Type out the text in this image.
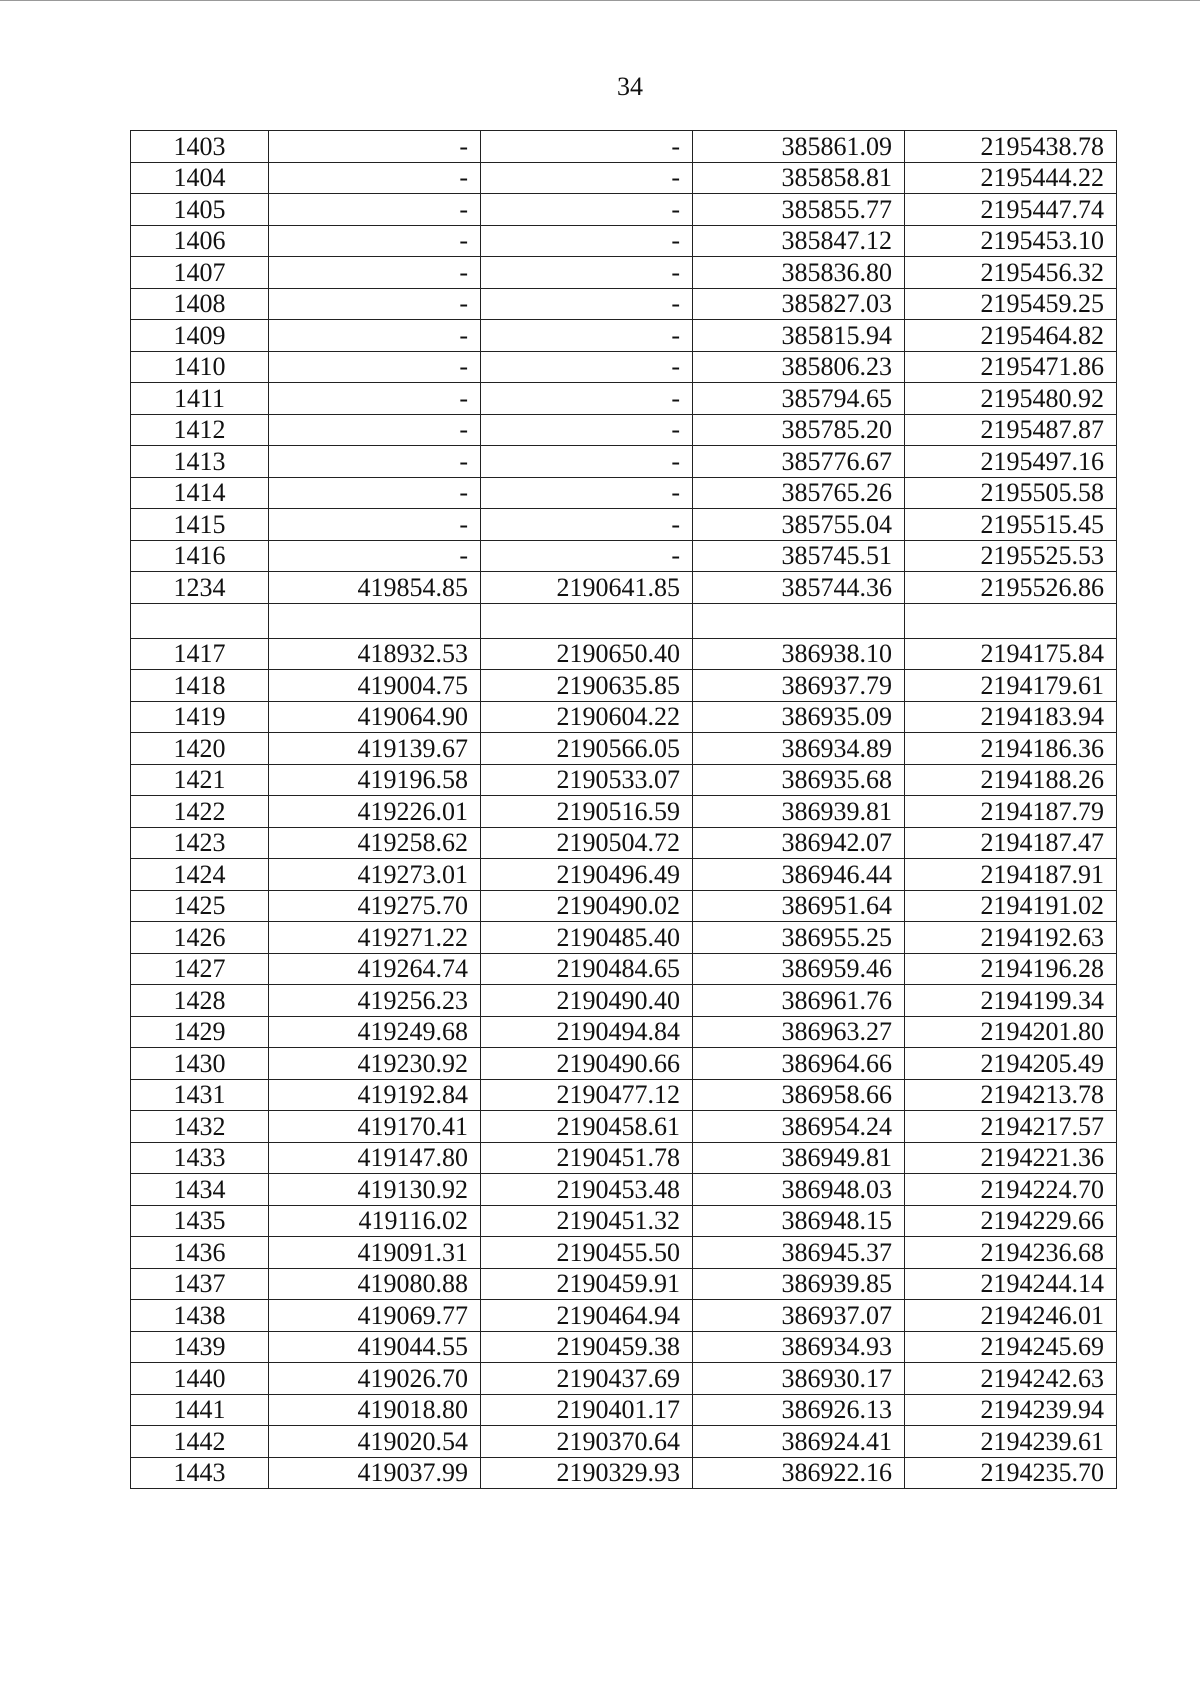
34
1403	-	-	385861.09	2195438.78
1404	-	-	385858.81	2195444.22
1405	-	-	385855.77	2195447.74
1406	-	-	385847.12	2195453.10
1407	-	-	385836.80	2195456.32
1408	-	-	385827.03	2195459.25
1409	-	-	385815.94	2195464.82
1410	-	-	385806.23	2195471.86
1411	-	-	385794.65	2195480.92
1412	-	-	385785.20	2195487.87
1413	-	-	385776.67	2195497.16
1414	-	-	385765.26	2195505.58
1415	-	-	385755.04	2195515.45
1416	-	-	385745.51	2195525.53
1234	419854.85	2190641.85	385744.36	2195526.86

1417	418932.53	2190650.40	386938.10	2194175.84
1418	419004.75	2190635.85	386937.79	2194179.61
1419	419064.90	2190604.22	386935.09	2194183.94
1420	419139.67	2190566.05	386934.89	2194186.36
1421	419196.58	2190533.07	386935.68	2194188.26
1422	419226.01	2190516.59	386939.81	2194187.79
1423	419258.62	2190504.72	386942.07	2194187.47
1424	419273.01	2190496.49	386946.44	2194187.91
1425	419275.70	2190490.02	386951.64	2194191.02
1426	419271.22	2190485.40	386955.25	2194192.63
1427	419264.74	2190484.65	386959.46	2194196.28
1428	419256.23	2190490.40	386961.76	2194199.34
1429	419249.68	2190494.84	386963.27	2194201.80
1430	419230.92	2190490.66	386964.66	2194205.49
1431	419192.84	2190477.12	386958.66	2194213.78
1432	419170.41	2190458.61	386954.24	2194217.57
1433	419147.80	2190451.78	386949.81	2194221.36
1434	419130.92	2190453.48	386948.03	2194224.70
1435	419116.02	2190451.32	386948.15	2194229.66
1436	419091.31	2190455.50	386945.37	2194236.68
1437	419080.88	2190459.91	386939.85	2194244.14
1438	419069.77	2190464.94	386937.07	2194246.01
1439	419044.55	2190459.38	386934.93	2194245.69
1440	419026.70	2190437.69	386930.17	2194242.63
1441	419018.80	2190401.17	386926.13	2194239.94
1442	419020.54	2190370.64	386924.41	2194239.61
1443	419037.99	2190329.93	386922.16	2194235.70
